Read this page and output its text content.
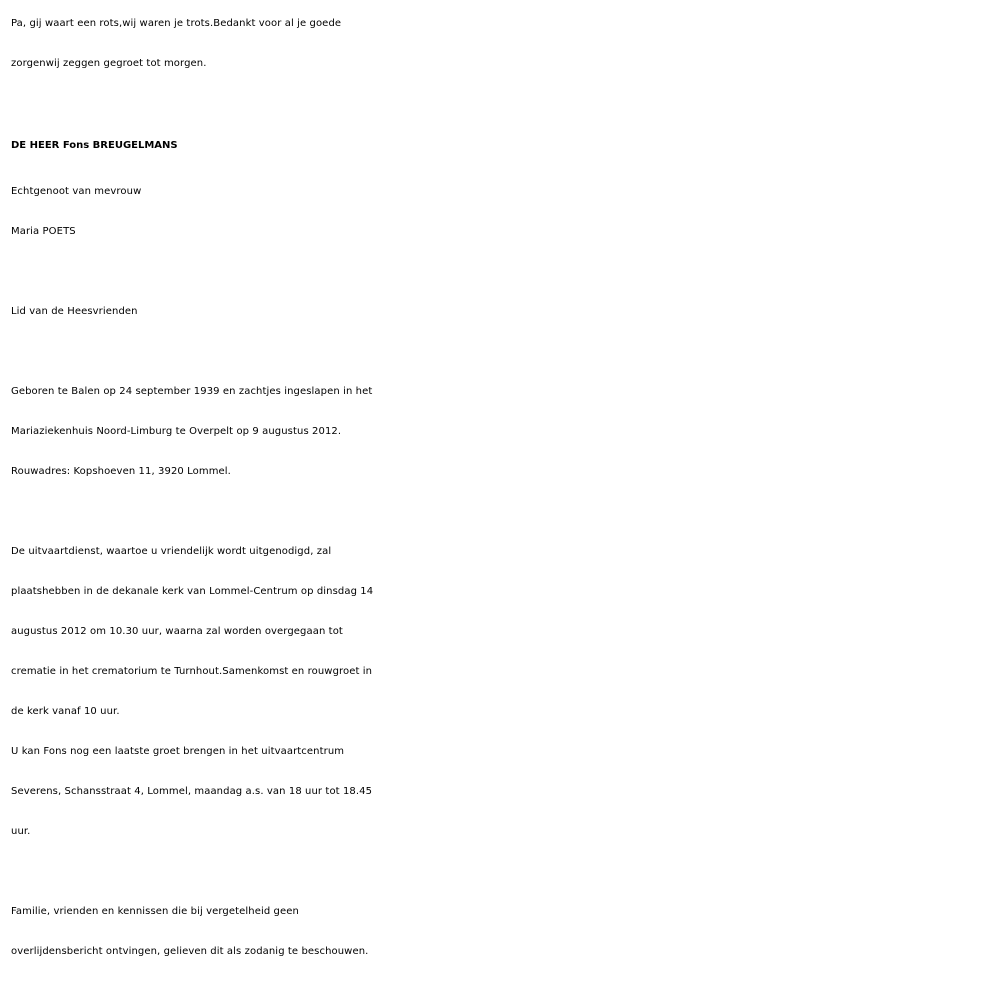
Pa, gij waart een rots,wij waren je trots.Bedankt voor al je goede
zorgenwij zeggen gegroet tot morgen.
DE HEER Fons BREUGELMANS
Echtgenoot van mevrouw
Maria POETS
Lid van de Heesvrienden
Geboren te Balen op 24 september 1939 en zachtjes ingeslapen in het
Mariaziekenhuis Noord-Limburg te Overpelt op 9 augustus 2012.
Rouwadres: Kopshoeven 11, 3920 Lommel.
De uitvaartdienst, waartoe u vriendelijk wordt uitgenodigd, zal
plaatshebben in de dekanale kerk van Lommel-Centrum op dinsdag 14
augustus 2012 om 10.30 uur, waarna zal worden overgegaan tot
crematie in het crematorium te Turnhout.Samenkomst en rouwgroet in
de kerk vanaf 10 uur.
U kan Fons nog een laatste groet brengen in het uitvaartcentrum
Severens, Schansstraat 4, Lommel, maandag a.s. van 18 uur tot 18.45
uur.
Familie, vrienden en kennissen die bij vergetelheid geen
overlijdensbericht ontvingen, gelieven dit als zodanig te beschouwen.
